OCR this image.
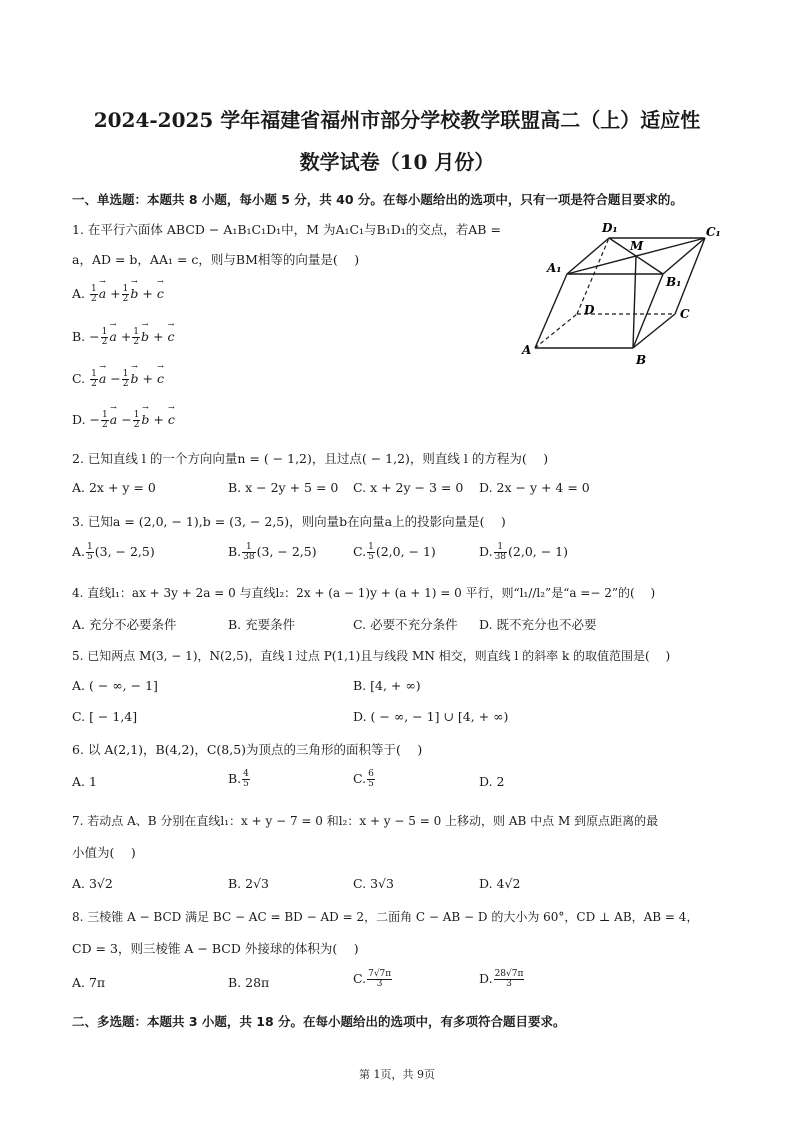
2024-2025 学年福建省福州市部分学校教学联盟高二（上）适应性
数学试卷（10 月份）
一、单选题：本题共 8 小题，每小题 5 分，共 40 分。在每小题给出的选项中，只有一项是符合题目要求的。
1. 在平行六面体 ABCD − A₁B₁C₁D₁中，M 为A₁C₁与B₁D₁的交点，若AB =
a，AD = b，AA₁ = c，则与BM相等的向量是(　 )
A. $\frac{1}{2}$
→ $a + \frac{1}{2}$
→ b + → c
B. − $\frac{1}{2}$
→ $a + \frac{1}{2}$
→ b + → c
C. $\frac{1}{2}$
→ $a - \frac{1}{2}$
→ b + → c
D. − $\frac{1}{2}$
→ $a - \frac{1}{2}$
→ b + → c
D₁
M
C₁
A₁
B₁
D	C
A
B
2. 已知直线 l 的一个方向向量n = ( − 1,2)，且过点( − 1,2)，则直线 l 的方程为(　 )
A. 2x + y = 0	B. x − 2y + 5 = 0 C. x + 2y − 3 = 0 D. 2x − y + 4 = 0
3. 已知a = (2,0, − 1),b = (3, − 2,5)，则向量b在向量a上的投影向量是(　 )
A. $\frac{1}{5} (3$, − 2,5)	B. $\frac{1}{38} (3$, − 2,5)	C. $\frac{1}{5} (2,0$, − 1)	D. $\frac{1}{38} (2,0$, − 1)
4. 直线l₁：ax + 3y + 2a = 0 与直线l₂：2x + (a − 1)y + (a + 1) = 0 平行，则“l₁//l₂”是“a =− 2”的(　 )
A. 充分不必要条件	B. 充要条件	C. 必要不充分条件 D. 既不充分也不必要
5. 已知两点 M(3, − 1)，N(2,5)，直线 l 过点 P(1,1)且与线段 MN 相交，则直线 l 的斜率 k 的取值范围是(　 )
A. ( − ∞, − 1]	B. [4, + ∞)
C. [ − 1,4]	D. ( − ∞, − 1] ∪ [4, + ∞)
6. 以 A(2,1)，B(4,2)，C(8,5)为顶点的三角形的面积等于(　 )
A. 1	B. $\frac{4}{5}$	C. $\frac{6}{5}$	D. 2
7. 若动点 A、B 分别在直线l₁：x + y − 7 = 0 和l₂：x + y − 5 = 0 上移动，则 AB 中点 M 到原点距离的最
小值为(　 )
A. 3√2	B. 2√3	C. 3√3	D. 4√2
8. 三棱锥 A − BCD 满足 BC − AC = BD − AD = 2，二面角 C − AB − D 的大小为 60°，CD ⊥ AB，AB = 4，
CD = 3，则三棱锥 A − BCD 外接球的体积为(　 )
A. 7π	B. 28π	C. $\frac{7√7\pi}{3}$	D. $\frac{28√7\pi}{3}$
二、多选题：本题共 3 小题，共 18 分。在每小题给出的选项中，有多项符合题目要求。
第 1页，共 9页
